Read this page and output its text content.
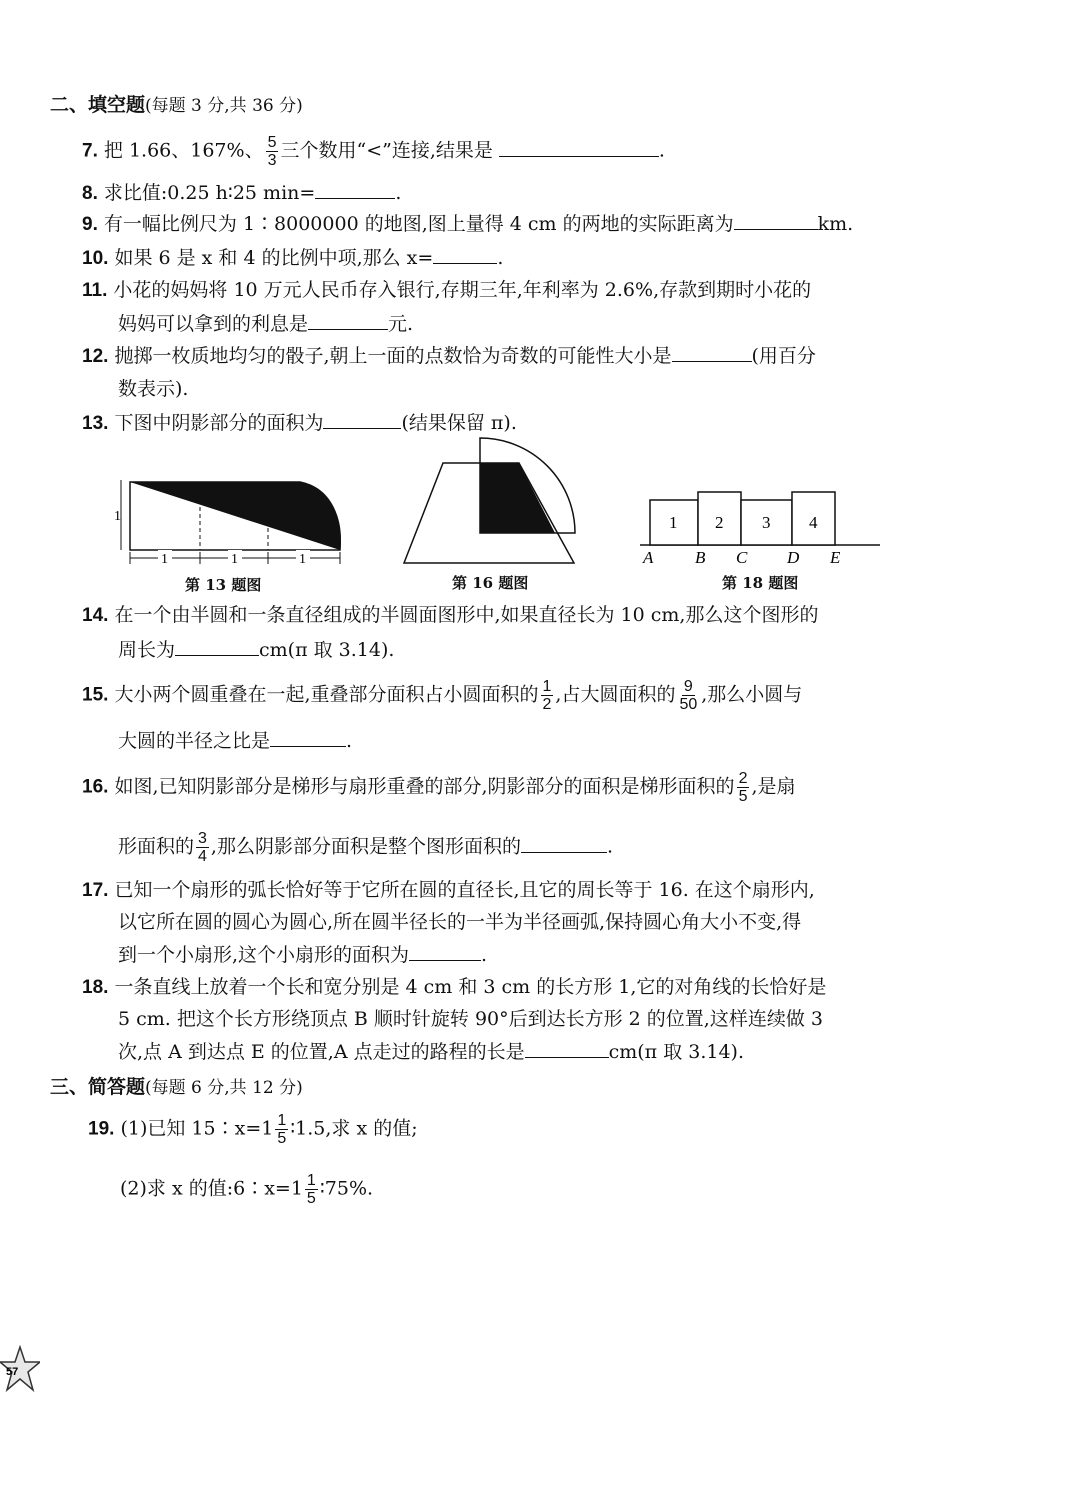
二、填空题(每题 3 分,共 36 分)
7. 把 1.66、167%、 $\frac{5}{3}$ 三个数用“<”连接,结果是	.
8. 求比值:0.25 h∶25 min=	.
9. 有一幅比例尺为 1∶8000000 的地图,图上量得 4 cm 的两地的实际距离为	km.
10. 如果 6 是 x 和 4 的比例中项,那么 x=	.
11. 小花的妈妈将 10 万元人民币存入银行,存期三年,年利率为 2.6%,存款到期时小花的
妈妈可以拿到的利息是	元.
12. 抛掷一枚质地均匀的骰子,朝上一面的点数恰为奇数的可能性大小是	(用百分
数表示).
13. 下图中阴影部分的面积为	(结果保留 π).
1
1	1	1
1 2 3 4
A B C D E
第 13 题图	第 16 题图	第 18 题图
14. 在一个由半圆和一条直径组成的半圆面图形中,如果直径长为 10 cm,那么这个图形的
周长为	cm(π 取 3.14).
15. 大小两个圆重叠在一起,重叠部分面积占小圆面积的 $\frac{1}{2}$ ,占大圆面积的 $\frac{9}{50}$ ,那么小圆与
大圆的半径之比是	.
16. 如图,已知阴影部分是梯形与扇形重叠的部分,阴影部分的面积是梯形面积的 $\frac{2}{5}$ ,是扇
形面积的 $\frac{3}{4}$ ,那么阴影部分面积是整个图形面积的	.
17. 已知一个扇形的弧长恰好等于它所在圆的直径长,且它的周长等于 16. 在这个扇形内,
以它所在圆的圆心为圆心,所在圆半径长的一半为半径画弧,保持圆心角大小不变,得
到一个小扇形,这个小扇形的面积为	.
18. 一条直线上放着一个长和宽分别是 4 cm 和 3 cm 的长方形 1,它的对角线的长恰好是
5 cm. 把这个长方形绕顶点 B 顺时针旋转 90°后到达长方形 2 的位置,这样连续做 3
次,点 A 到达点 E 的位置,A 点走过的路程的长是	cm(π 取 3.14).
三、简答题(每题 6 分,共 12 分)
19. (1)已知 15∶x=1 $\frac{1}{5}$ ∶1.5,求 x 的值;
(2)求 x 的值:6∶x=1 $\frac{1}{5}$ ∶75%.
57
